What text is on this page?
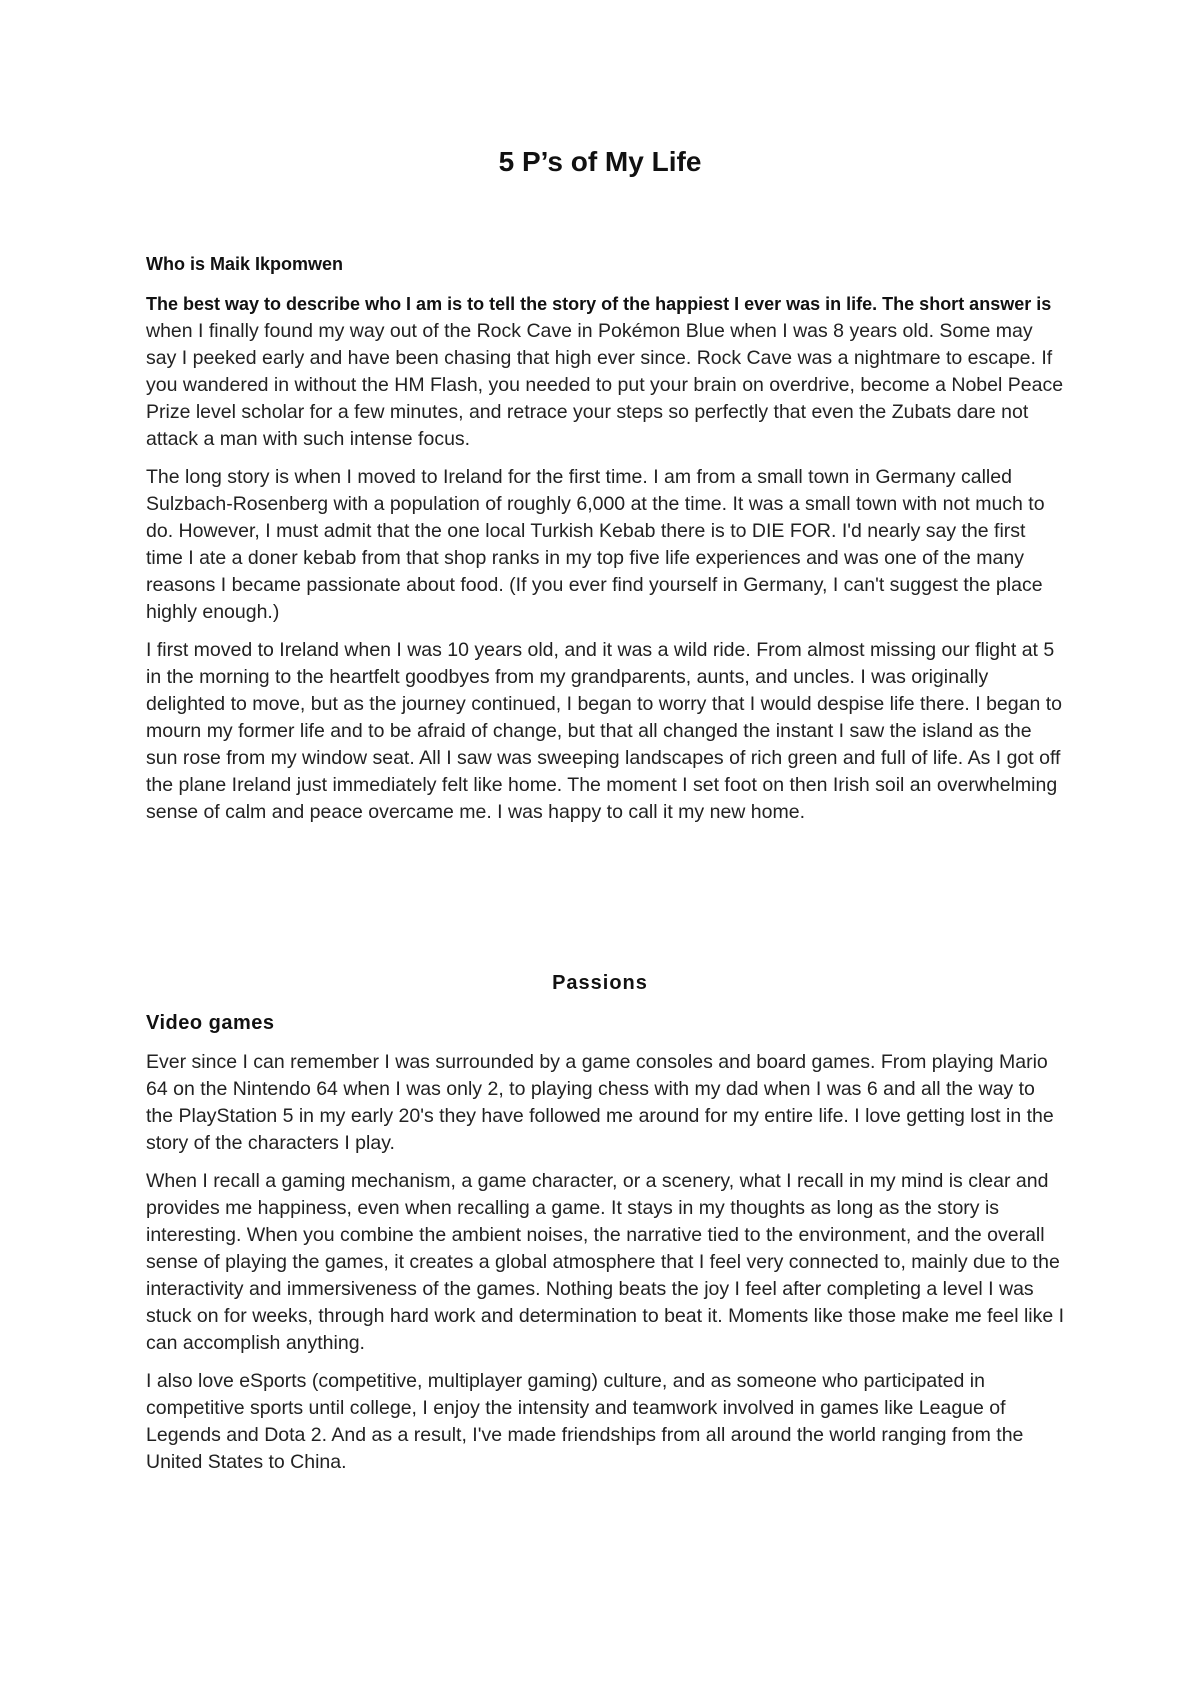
5 P’s of My Life
Who is Maik Ikpomwen

The best way to describe who I am is to tell the story of the happiest I ever was in life. The short answer is when I finally found my way out of the Rock Cave in Pokémon Blue when I was 8 years old. Some may say I peeked early and have been chasing that high ever since. Rock Cave was a nightmare to escape. If you wandered in without the HM Flash, you needed to put your brain on overdrive, become a Nobel Peace Prize level scholar for a few minutes, and retrace your steps so perfectly that even the Zubats dare not attack a man with such intense focus.

The long story is when I moved to Ireland for the first time. I am from a small town in Germany called Sulzbach-Rosenberg with a population of roughly 6,000 at the time. It was a small town with not much to do. However, I must admit that the one local Turkish Kebab there is to DIE FOR. I'd nearly say the first time I ate a doner kebab from that shop ranks in my top five life experiences and was one of the many reasons I became passionate about food. (If you ever find yourself in Germany, I can't suggest the place highly enough.)

I first moved to Ireland when I was 10 years old, and it was a wild ride. From almost missing our flight at 5 in the morning to the heartfelt goodbyes from my grandparents, aunts, and uncles. I was originally delighted to move, but as the journey continued, I began to worry that I would despise life there. I began to mourn my former life and to be afraid of change, but that all changed the instant I saw the island as the sun rose from my window seat. All I saw was sweeping landscapes of rich green and full of life. As I got off the plane Ireland just immediately felt like home. The moment I set foot on then Irish soil an overwhelming sense of calm and peace overcame me. I was happy to call it my new home.

Passions
Video games

Ever since I can remember I was surrounded by a game consoles and board games. From playing Mario 64 on the Nintendo 64 when I was only 2, to playing chess with my dad when I was 6 and all the way to the PlayStation 5 in my early 20's they have followed me around for my entire life. I love getting lost in the story of the characters I play.

When I recall a gaming mechanism, a game character, or a scenery, what I recall in my mind is clear and provides me happiness, even when recalling a game. It stays in my thoughts as long as the story is interesting. When you combine the ambient noises, the narrative tied to the environment, and the overall sense of playing the games, it creates a global atmosphere that I feel very connected to, mainly due to the interactivity and immersiveness of the games. Nothing beats the joy I feel after completing a level I was stuck on for weeks, through hard work and determination to beat it. Moments like those make me feel like I can accomplish anything.

I also love eSports (competitive, multiplayer gaming) culture, and as someone who participated in competitive sports until college, I enjoy the intensity and teamwork involved in games like League of Legends and Dota 2. And as a result, I've made friendships from all around the world ranging from the United States to China.
